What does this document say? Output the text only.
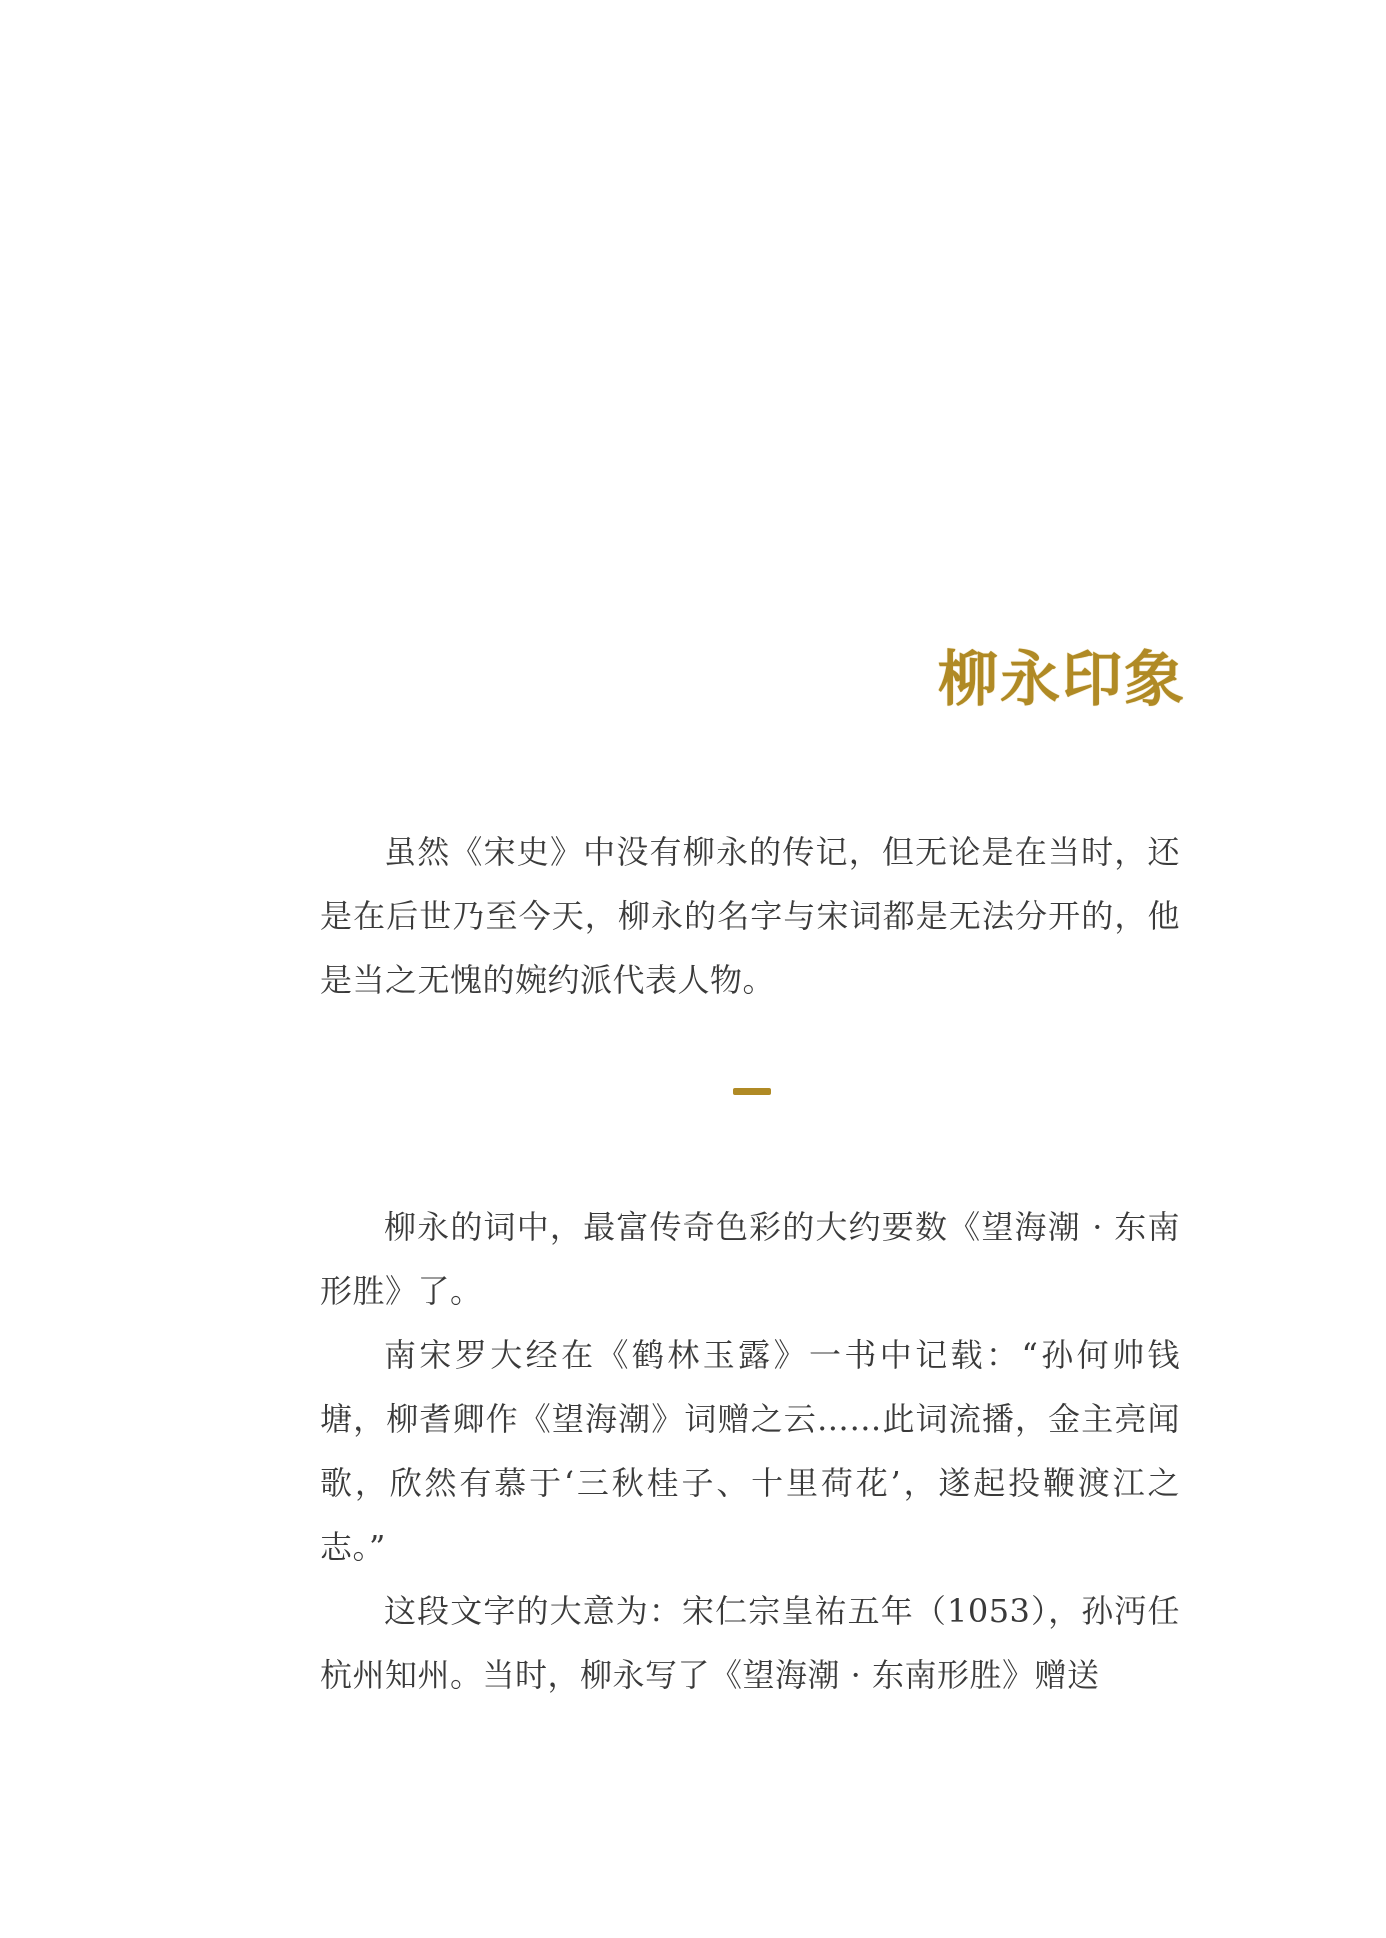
柳永印象

虽然《宋史》中没有柳永的传记，但无论是在当时，还是在后世乃至今天，柳永的名字与宋词都是无法分开的，他是当之无愧的婉约派代表人物。

柳永的词中，最富传奇色彩的大约要数《望海潮 · 东南形胜》了。

南宋罗大经在《鹤林玉露》一书中记载：“孙何帅钱塘，柳耆卿作《望海潮》词赠之云……此词流播，金主亮闻歌，欣然有慕于‘三秋桂子、十里荷花’，遂起投鞭渡江之志。”

这段文字的大意为：宋仁宗皇祐五年（1053），孙沔任杭州知州。当时，柳永写了《望海潮 · 东南形胜》赠送
